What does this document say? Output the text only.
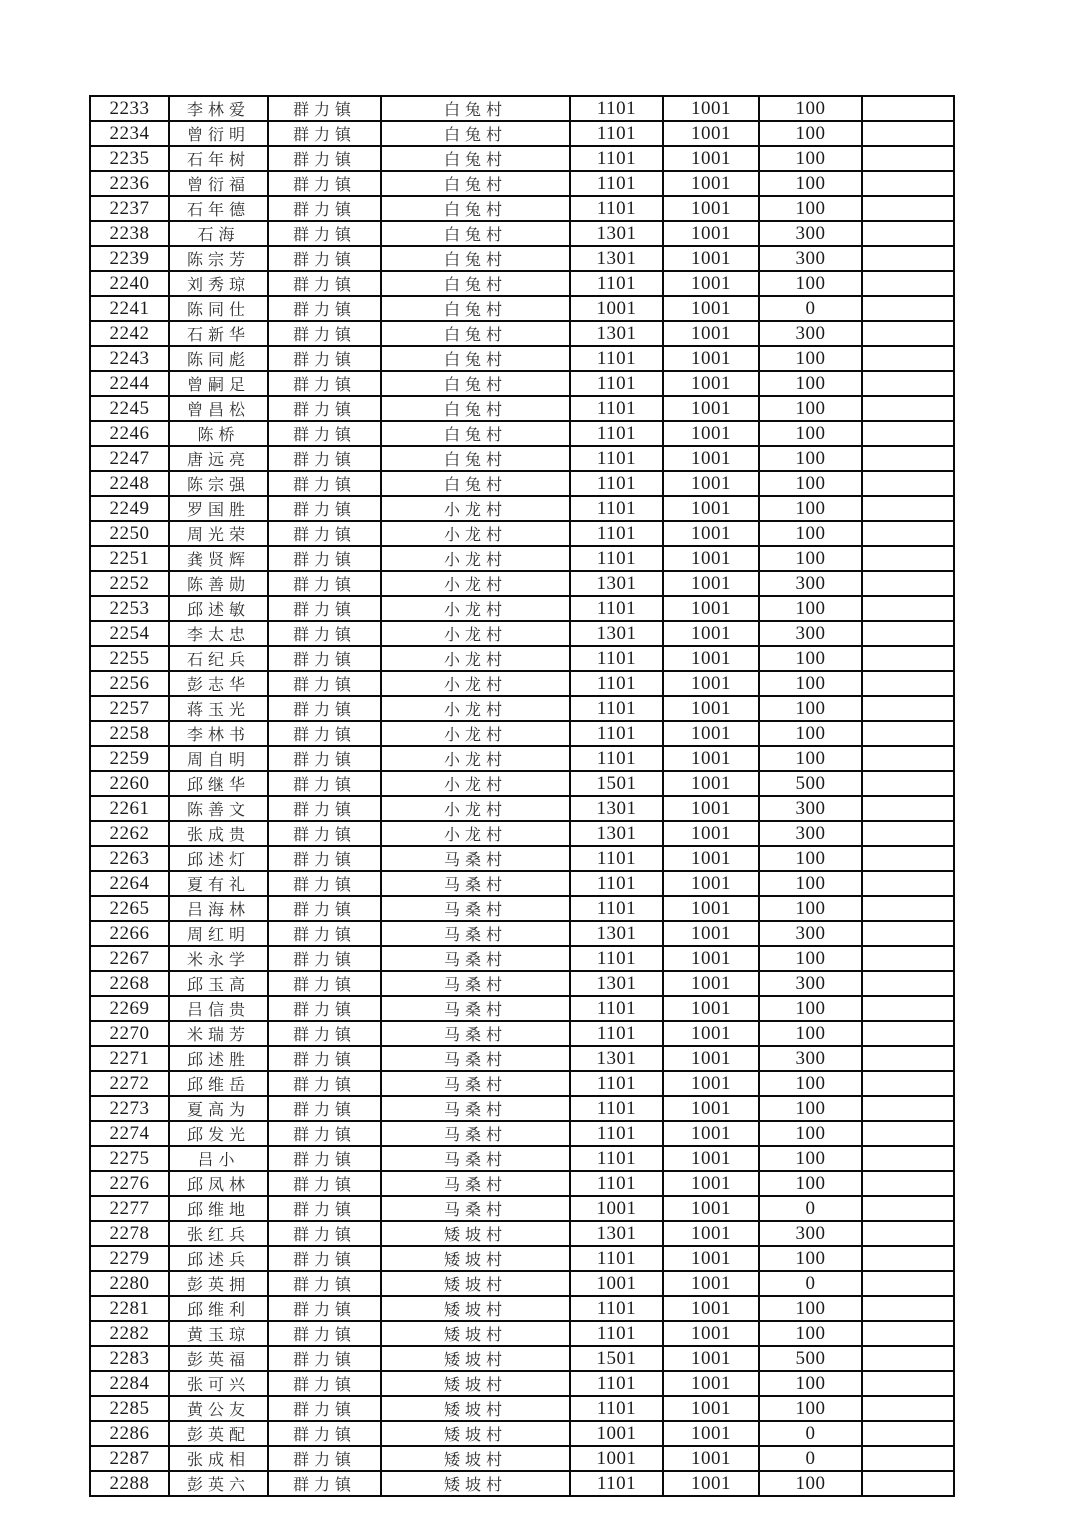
2233	李林爱	群力镇	白兔村	1101	1001	100	
2234	曾衍明	群力镇	白兔村	1101	1001	100	
2235	石年树	群力镇	白兔村	1101	1001	100	
2236	曾衍福	群力镇	白兔村	1101	1001	100	
2237	石年德	群力镇	白兔村	1101	1001	100	
2238	石海	群力镇	白兔村	1301	1001	300	
2239	陈宗芳	群力镇	白兔村	1301	1001	300	
2240	刘秀琼	群力镇	白兔村	1101	1001	100	
2241	陈同仕	群力镇	白兔村	1001	1001	0	
2242	石新华	群力镇	白兔村	1301	1001	300	
2243	陈同彪	群力镇	白兔村	1101	1001	100	
2244	曾嗣足	群力镇	白兔村	1101	1001	100	
2245	曾昌松	群力镇	白兔村	1101	1001	100	
2246	陈桥	群力镇	白兔村	1101	1001	100	
2247	唐远亮	群力镇	白兔村	1101	1001	100	
2248	陈宗强	群力镇	白兔村	1101	1001	100	
2249	罗国胜	群力镇	小龙村	1101	1001	100	
2250	周光荣	群力镇	小龙村	1101	1001	100	
2251	龚贤辉	群力镇	小龙村	1101	1001	100	
2252	陈善勋	群力镇	小龙村	1301	1001	300	
2253	邱述敏	群力镇	小龙村	1101	1001	100	
2254	李太忠	群力镇	小龙村	1301	1001	300	
2255	石纪兵	群力镇	小龙村	1101	1001	100	
2256	彭志华	群力镇	小龙村	1101	1001	100	
2257	蒋玉光	群力镇	小龙村	1101	1001	100	
2258	李林书	群力镇	小龙村	1101	1001	100	
2259	周自明	群力镇	小龙村	1101	1001	100	
2260	邱继华	群力镇	小龙村	1501	1001	500	
2261	陈善文	群力镇	小龙村	1301	1001	300	
2262	张成贵	群力镇	小龙村	1301	1001	300	
2263	邱述灯	群力镇	马桑村	1101	1001	100	
2264	夏有礼	群力镇	马桑村	1101	1001	100	
2265	吕海林	群力镇	马桑村	1101	1001	100	
2266	周红明	群力镇	马桑村	1301	1001	300	
2267	米永学	群力镇	马桑村	1101	1001	100	
2268	邱玉高	群力镇	马桑村	1301	1001	300	
2269	吕信贵	群力镇	马桑村	1101	1001	100	
2270	米瑞芳	群力镇	马桑村	1101	1001	100	
2271	邱述胜	群力镇	马桑村	1301	1001	300	
2272	邱维岳	群力镇	马桑村	1101	1001	100	
2273	夏高为	群力镇	马桑村	1101	1001	100	
2274	邱发光	群力镇	马桑村	1101	1001	100	
2275	吕小	群力镇	马桑村	1101	1001	100	
2276	邱凤林	群力镇	马桑村	1101	1001	100	
2277	邱维地	群力镇	马桑村	1001	1001	0	
2278	张红兵	群力镇	矮坡村	1301	1001	300	
2279	邱述兵	群力镇	矮坡村	1101	1001	100	
2280	彭英拥	群力镇	矮坡村	1001	1001	0	
2281	邱维利	群力镇	矮坡村	1101	1001	100	
2282	黄玉琼	群力镇	矮坡村	1101	1001	100	
2283	彭英福	群力镇	矮坡村	1501	1001	500	
2284	张可兴	群力镇	矮坡村	1101	1001	100	
2285	黄公友	群力镇	矮坡村	1101	1001	100	
2286	彭英配	群力镇	矮坡村	1001	1001	0	
2287	张成相	群力镇	矮坡村	1001	1001	0	
2288	彭英六	群力镇	矮坡村	1101	1001	100	
